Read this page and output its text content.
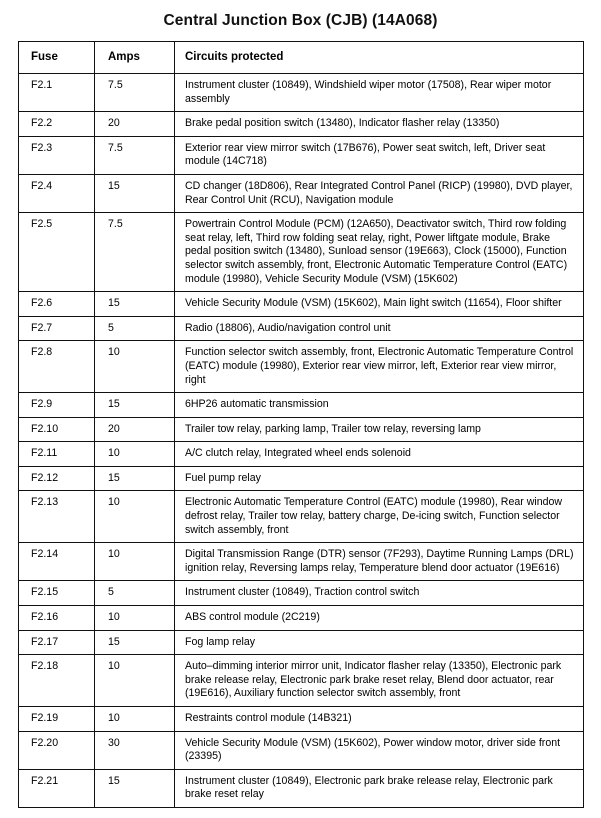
Central Junction Box (CJB) (14A068)
Fuse	Amps	Circuits protected
F2.1	7.5	Instrument cluster (10849), Windshield wiper motor (17508), Rear wiper motor assembly
F2.2	20	Brake pedal position switch (13480), Indicator flasher relay (13350)
F2.3	7.5	Exterior rear view mirror switch (17B676), Power seat switch, left, Driver seat module (14C718)
F2.4	15	CD changer (18D806), Rear Integrated Control Panel (RICP) (19980), DVD player, Rear Control Unit (RCU), Navigation module
F2.5	7.5	Powertrain Control Module (PCM) (12A650), Deactivator switch, Third row folding seat relay, left, Third row folding seat relay, right, Power liftgate module, Brake pedal position switch (13480), Sunload sensor (19E663), Clock (15000), Function selector switch assembly, front, Electronic Automatic Temperature Control (EATC) module (19980), Vehicle Security Module (VSM) (15K602)
F2.6	15	Vehicle Security Module (VSM) (15K602), Main light switch (11654), Floor shifter
F2.7	5	Radio (18806), Audio/navigation control unit
F2.8	10	Function selector switch assembly, front, Electronic Automatic Temperature Control (EATC) module (19980), Exterior rear view mirror, left, Exterior rear view mirror, right
F2.9	15	6HP26 automatic transmission
F2.10	20	Trailer tow relay, parking lamp, Trailer tow relay, reversing lamp
F2.11	10	A/C clutch relay, Integrated wheel ends solenoid
F2.12	15	Fuel pump relay
F2.13	10	Electronic Automatic Temperature Control (EATC) module (19980), Rear window defrost relay, Trailer tow relay, battery charge, De-icing switch, Function selector switch assembly, front
F2.14	10	Digital Transmission Range (DTR) sensor (7F293), Daytime Running Lamps (DRL) ignition relay, Reversing lamps relay, Temperature blend door actuator (19E616)
F2.15	5	Instrument cluster (10849), Traction control switch
F2.16	10	ABS control module (2C219)
F2.17	15	Fog lamp relay
F2.18	10	Auto–dimming interior mirror unit, Indicator flasher relay (13350), Electronic park brake release relay, Electronic park brake reset relay, Blend door actuator, rear (19E616), Auxiliary function selector switch assembly, front
F2.19	10	Restraints control module (14B321)
F2.20	30	Vehicle Security Module (VSM) (15K602), Power window motor, driver side front (23395)
F2.21	15	Instrument cluster (10849), Electronic park brake release relay, Electronic park brake reset relay
